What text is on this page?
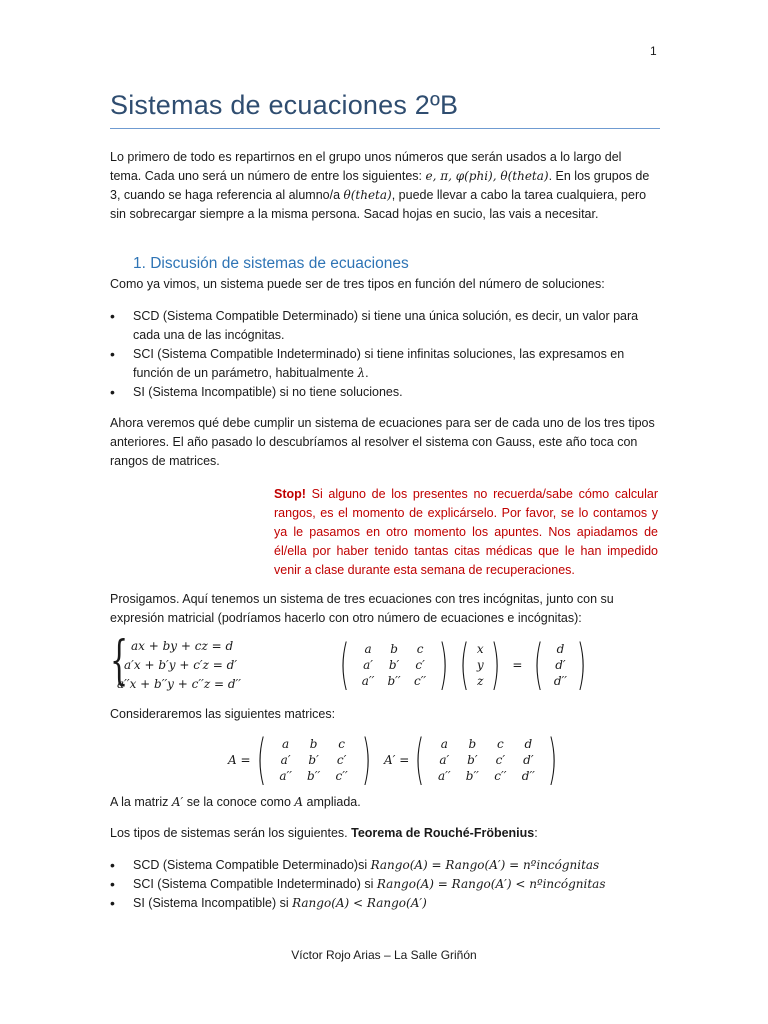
1
Sistemas de ecuaciones 2ºB

Lo primero de todo es repartirnos en el grupo unos números que serán usados a lo largo del tema. Cada uno será un número de entre los siguientes: e, π, φ(phi), θ(theta). En los grupos de 3, cuando se haga referencia al alumno/a θ(theta), puede llevar a cabo la tarea cualquiera, pero sin sobrecargar siempre a la misma persona. Sacad hojas en sucio, las vais a necesitar.

1. Discusión de sistemas de ecuaciones

Como ya vimos, un sistema puede ser de tres tipos en función del número de soluciones:

• SCD (Sistema Compatible Determinado) si tiene una única solución, es decir, un valor para cada una de las incógnitas.
• SCI (Sistema Compatible Indeterminado) si tiene infinitas soluciones, las expresamos en función de un parámetro, habitualmente λ.
• SI (Sistema Incompatible) si no tiene soluciones.

Ahora veremos qué debe cumplir un sistema de ecuaciones para ser de cada uno de los tres tipos anteriores. El año pasado lo descubríamos al resolver el sistema con Gauss, este año toca con rangos de matrices.

Stop! Si alguno de los presentes no recuerda/sabe cómo calcular rangos, es el momento de explicárselo. Por favor, se lo contamos y ya le pasamos en otro momento los apuntes. Nos apiadamos de él/ella por haber tenido tantas citas médicas que le han impedido venir a clase durante esta semana de recuperaciones.

Prosigamos. Aquí tenemos un sistema de tres ecuaciones con tres incógnitas, junto con su expresión matricial (podríamos hacerlo con otro número de ecuaciones e incógnitas):

{ ax + by + cz = d
a′x + b′y + c′z = d′
a′′x + b′′y + c′′z = d′′ (	a	b	c
a′	b′	c′
a′′	b′′	c′′ ) ( x
y
z ) = (	d
d′
d′′ )

Consideraremos las siguientes matrices:

A = (	a	b	c
a′	b′	c′
a′′	b′′	c′′ ) A′ = (	a	b	c	d
a′	b′	c′	d′
a′′	b′′	c′′	d′′ )

A la matriz A′ se la conoce como A ampliada.

Los tipos de sistemas serán los siguientes. Teorema de Rouché-Fröbenius:

• SCD (Sistema Compatible Determinado)si Rango(A) = Rango(A′) = nºincógnitas
• SCI (Sistema Compatible Indeterminado) si Rango(A) = Rango(A′) < nºincógnitas
• SI (Sistema Incompatible) si Rango(A) < Rango(A′)
Víctor Rojo Arias – La Salle Griñón
